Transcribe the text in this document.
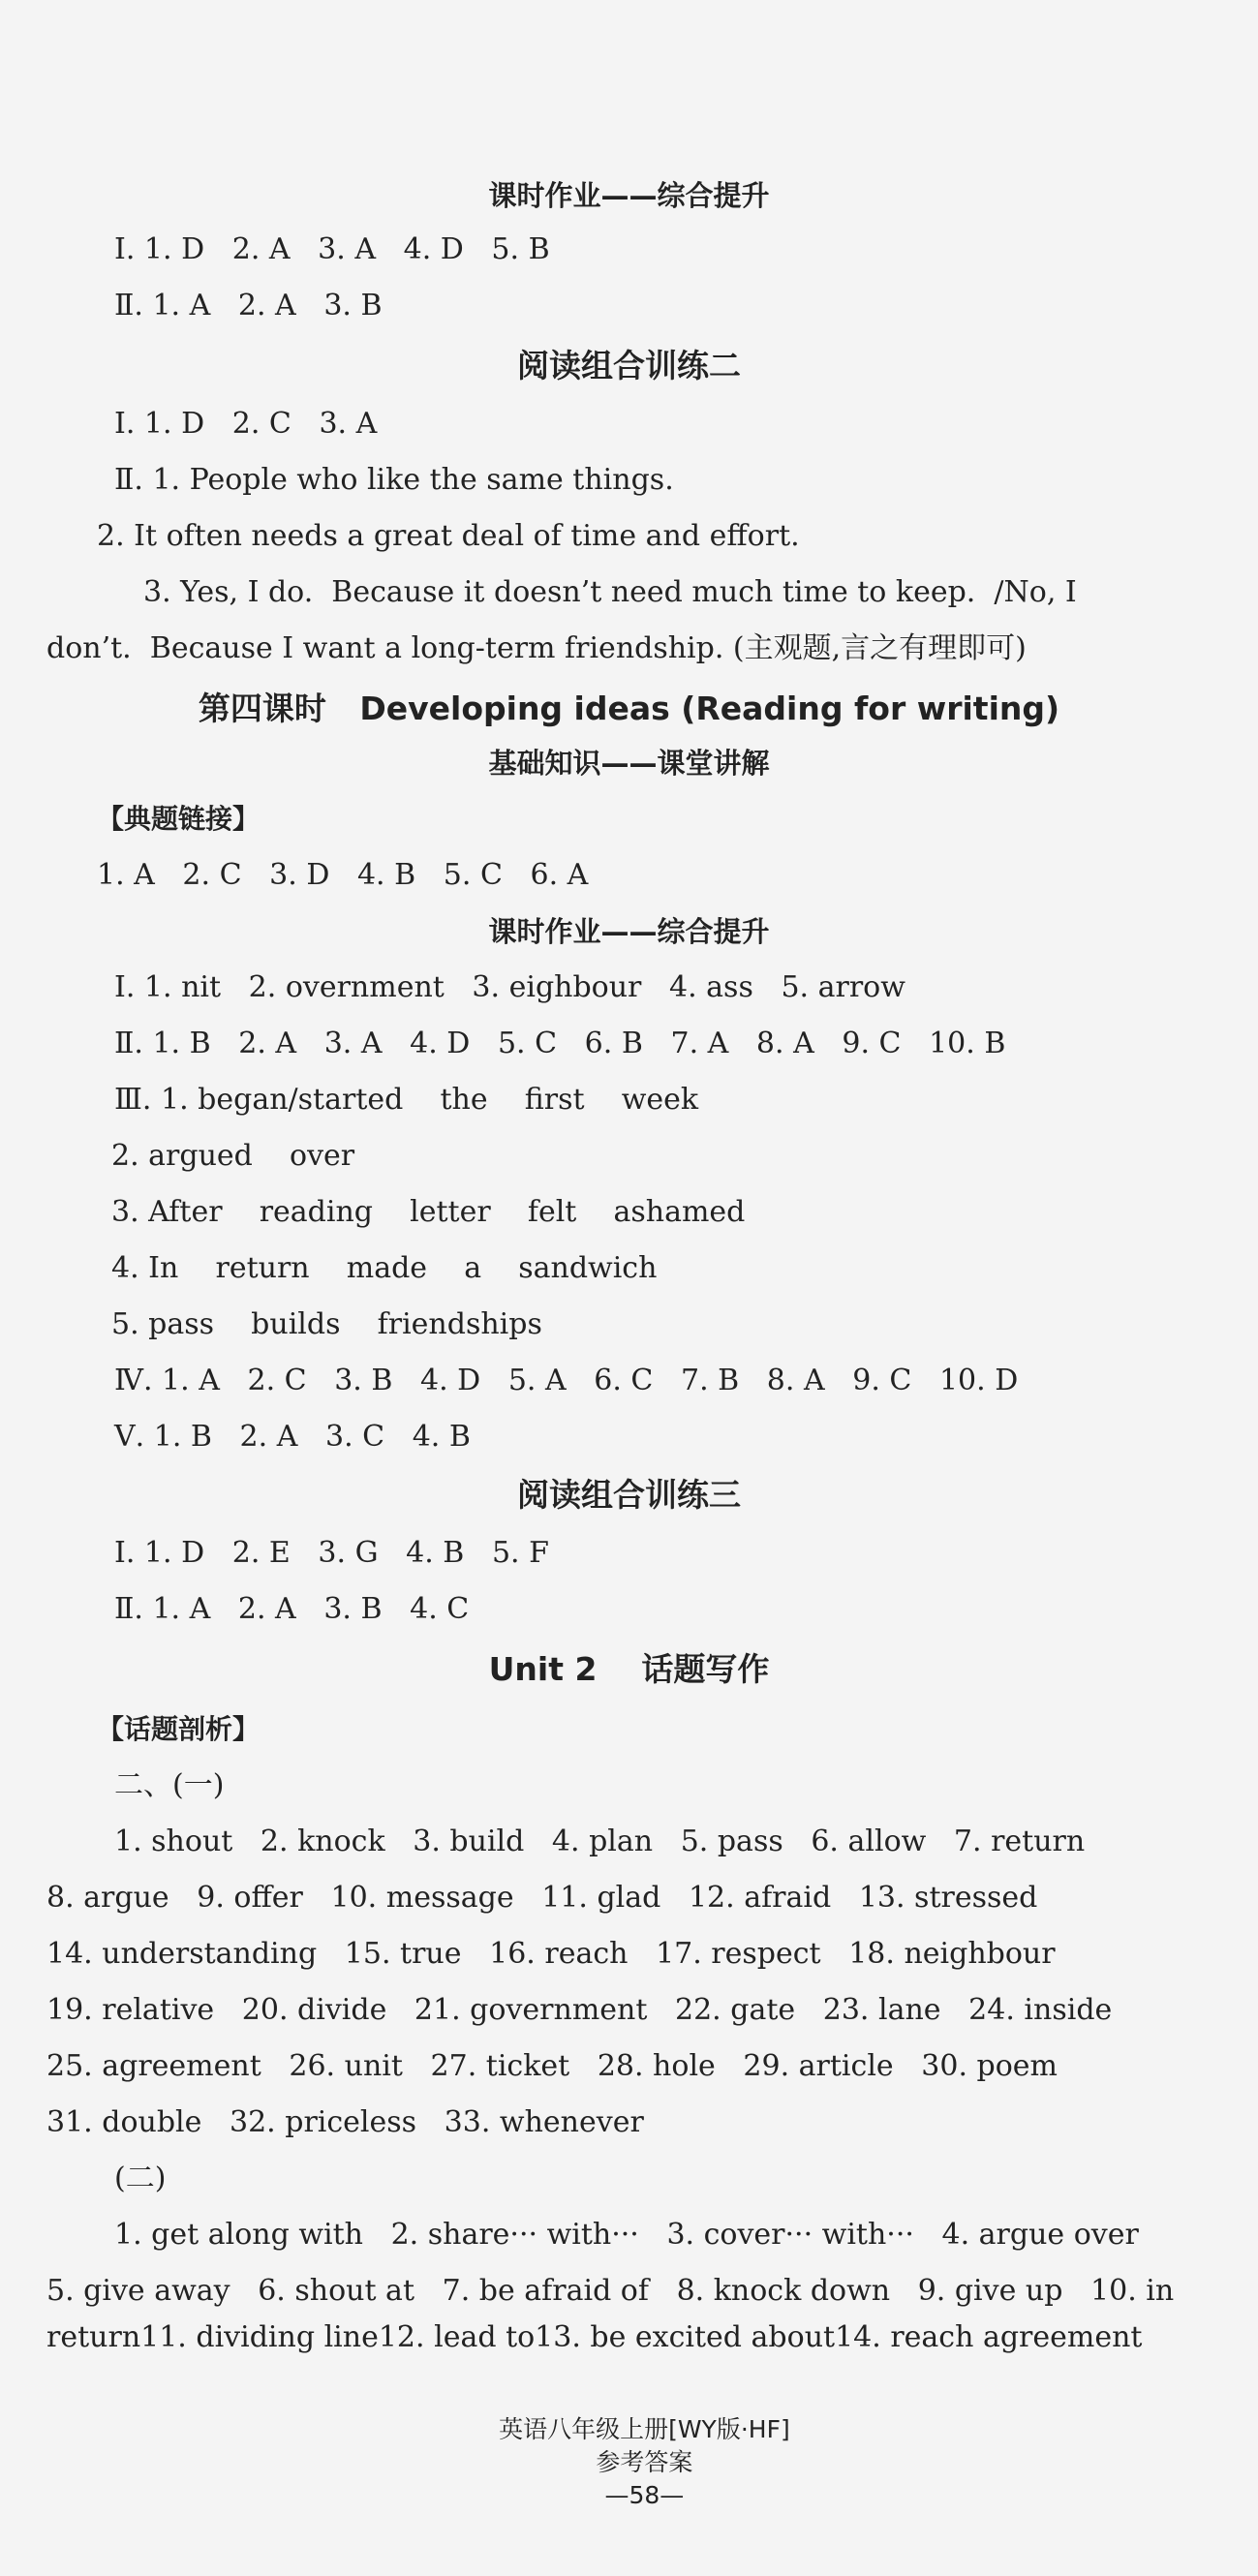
课时作业——综合提升

Ⅰ. 1. D   2. A   3. A   4. D   5. B

Ⅱ. 1. A   2. A   3. B

阅读组合训练二

Ⅰ. 1. D   2. C   3. A

Ⅱ. 1. People who like the same things.

2. It often needs a great deal of time and effort.

3. Yes, I do.  Because it doesn’t need much time to keep.  /No, I

don’t.  Because I want a long-term friendship. (主观题,言之有理即可)

第四课时   Developing ideas (Reading for writing)

基础知识——课堂讲解

【典题链接】

1. A   2. C   3. D   4. B   5. C   6. A

课时作业——综合提升

Ⅰ. 1. nit   2. overnment   3. eighbour   4. ass   5. arrow

Ⅱ. 1. B   2. A   3. A   4. D   5. C   6. B   7. A   8. A   9. C   10. B

Ⅲ. 1. began/started    the    first    week

2. argued    over

3. After    reading    letter    felt    ashamed

4. In    return    made    a    sandwich

5. pass    builds    friendships

Ⅳ. 1. A   2. C   3. B   4. D   5. A   6. C   7. B   8. A   9. C   10. D

Ⅴ. 1. B   2. A   3. C   4. B

阅读组合训练三

Ⅰ. 1. D   2. E   3. G   4. B   5. F

Ⅱ. 1. A   2. A   3. B   4. C

Unit 2    话题写作

【话题剖析】

二、(一)

1. shout   2. knock   3. build   4. plan   5. pass   6. allow   7. return

8. argue   9. offer   10. message   11. glad   12. afraid   13. stressed

14. understanding   15. true   16. reach   17. respect   18. neighbour

19. relative   20. divide   21. government   22. gate   23. lane   24. inside

25. agreement   26. unit   27. ticket   28. hole   29. article   30. poem

31. double   32. priceless   33. whenever

(二)

1. get along with   2. share··· with···   3. cover··· with···   4. argue over

5. give away   6. shout at   7. be afraid of   8. knock down   9. give up   10. in

return11. dividing line12. lead to13. be excited about14. reach agreement

英语八年级上册[WY版·HF]
参考答案
—58—
